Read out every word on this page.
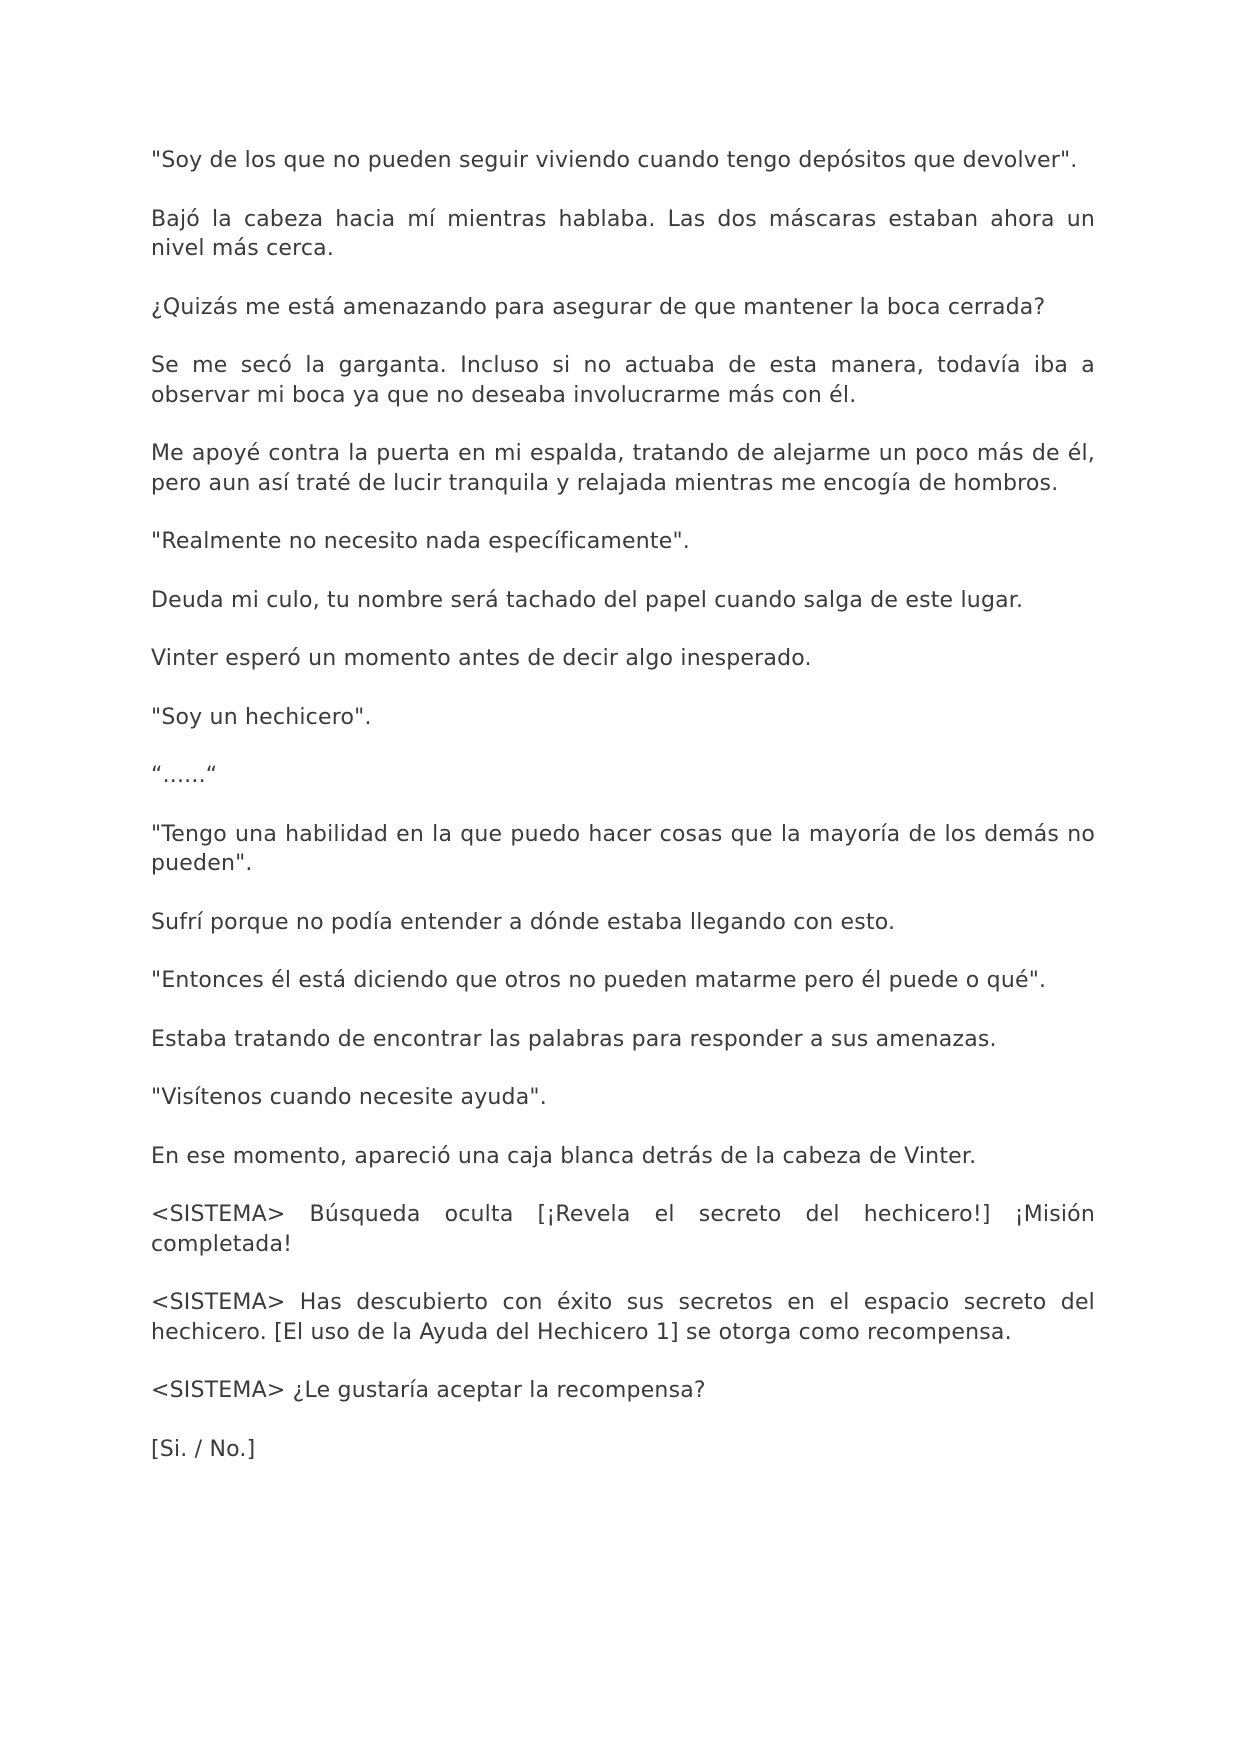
"Soy de los que no pueden seguir viviendo cuando tengo depósitos que devolver".

Bajó la cabeza hacia mí mientras hablaba. Las dos máscaras estaban ahora un nivel más cerca.

¿Quizás me está amenazando para asegurar de que mantener la boca cerrada?

Se me secó la garganta. Incluso si no actuaba de esta manera, todavía iba a observar mi boca ya que no deseaba involucrarme más con él.

Me apoyé contra la puerta en mi espalda, tratando de alejarme un poco más de él, pero aun así traté de lucir tranquila y relajada mientras me encogía de hombros.

"Realmente no necesito nada específicamente".

Deuda mi culo, tu nombre será tachado del papel cuando salga de este lugar.

Vinter esperó un momento antes de decir algo inesperado.

"Soy un hechicero".

“......“

"Tengo una habilidad en la que puedo hacer cosas que la mayoría de los demás no pueden".

Sufrí porque no podía entender a dónde estaba llegando con esto.

"Entonces él está diciendo que otros no pueden matarme pero él puede o qué".

Estaba tratando de encontrar las palabras para responder a sus amenazas.

"Visítenos cuando necesite ayuda".

En ese momento, apareció una caja blanca detrás de la cabeza de Vinter.

<SISTEMA> Búsqueda oculta [¡Revela el secreto del hechicero!] ¡Misión completada!

<SISTEMA> Has descubierto con éxito sus secretos en el espacio secreto del hechicero. [El uso de la Ayuda del Hechicero 1] se otorga como recompensa.

<SISTEMA> ¿Le gustaría aceptar la recompensa?

[Si. / No.]
